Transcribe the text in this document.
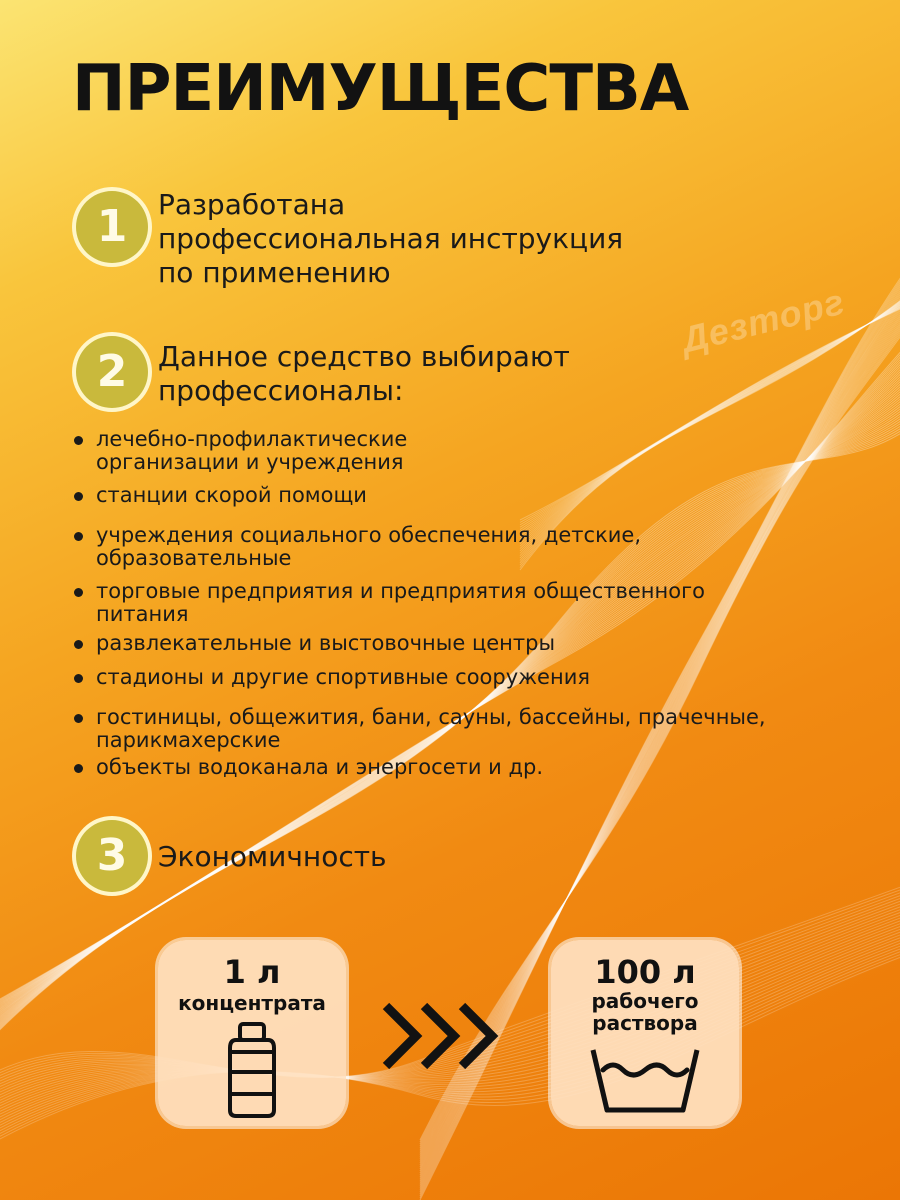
Дезторг
ПРЕИМУЩЕСТВА
1	Разработана
профессиональная инструкция
по применению
2	Данное средство выбирают
профессионалы:
лечебно-профилактические
организации и учреждения
станции скорой помощи
учреждения социального обеспечения, детские,
образовательные
торговые предприятия и предприятия общественного
питания
развлекательные и выстовочные центры
стадионы и другие спортивные сооружения
гостиницы, общежития, бани, сауны, бассейны, прачечные,
парикмахерские
объекты водоканала и энергосети и др.
3	Экономичность
1 л
концентрата
100 л
рабочего
раствора
